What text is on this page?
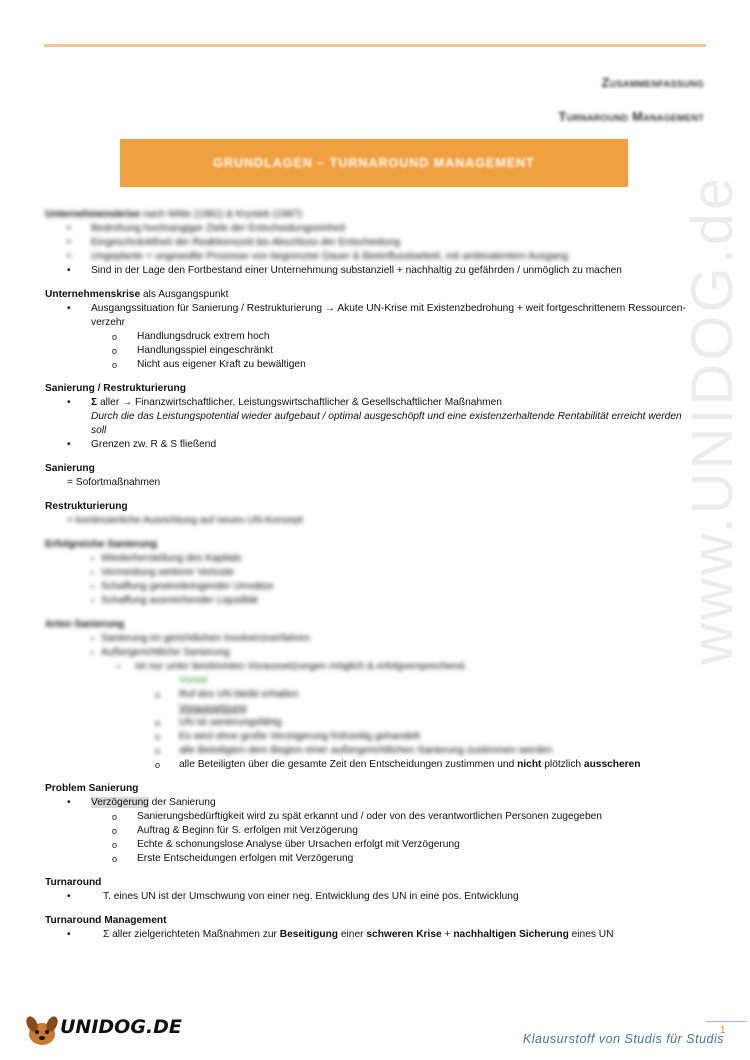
Zusammenfassung
Turnaround Management
GRUNDLAGEN – TURNAROUND MANAGEMENT
www.UNIDOG.de
Unternehmenskrise nach Witte (1981) & Krystek (1987)
• Bedrohung hochrangiger Ziele der Entscheidungseinheit
• Eingeschränktheit der Reaktionszeit bis Abschluss der Entscheidung
• Ungeplante + ungewollte Prozesse von begrenzter Dauer & Beeinflussbarkeit, mit ambivalentem Ausgang
• Sind in der Lage den Fortbestand einer Unternehmung substanziell + nachhaltig zu gefährden / unmöglich zu machen
Unternehmenskrise als Ausgangspunkt
• Ausgangssituation für Sanierung / Restrukturierung → Akute UN-Krise mit Existenzbedrohung + weit fortgeschrittenem Ressourcen-
verzehr
o Handlungsdruck extrem hoch
o Handlungsspiel eingeschränkt
o Nicht aus eigener Kraft zu bewältigen
Sanierung / Restrukturierung
• Σ aller → Finanzwirtschaftlicher, Leistungswirtschaftlicher & Gesellschaftlicher Maßnahmen
Durch die das Leistungspotential wieder aufgebaut / optimal ausgeschöpft und eine existenzerhaltende Rentabilität erreicht werden
soll
• Grenzen zw. R & S fließend
Sanierung
= Sofortmaßnahmen
Restrukturierung
= kontinuierliche Ausrichtung auf neues UN-Konzept
Erfolgreiche Sanierung
▪ Wiederherstellung des Kapitals
▪ Vermeidung weiterer Verluste
▪ Schaffung gewinnbringender Umsätze
▪ Schaffung ausreichender Liquidität
Arten Sanierung
▪ Sanierung im gerichtlichen Insolvenzverfahren
▪ Außergerichtliche Sanierung
▪ Ist nur unter bestimmten Voraussetzungen möglich & erfolgversprechend.
Vorteil
o Ruf des UN bleibt erhalten
Voraussetzung
o UN ist sanierungsfähig
o Es wird ohne große Verzögerung frühzeitig gehandelt
o alle Beteiligten dem Beginn einer außergerichtlichen Sanierung zustimmen werden
o alle Beteiligten über die gesamte Zeit den Entscheidungen zustimmen und nicht plötzlich ausscheren
Problem Sanierung
• Verzögerung der Sanierung
o Sanierungsbedürftigkeit wird zu spät erkannt und / oder von des verantwortlichen Personen zugegeben
o Auftrag & Beginn für S. erfolgen mit Verzögerung
o Echte & schonungslose Analyse über Ursachen erfolgt mit Verzögerung
o Erste Entscheidungen erfolgen mit Verzögerung
Turnaround
• T. eines UN ist der Umschwung von einer neg. Entwicklung des UN in eine pos. Entwicklung
Turnaround Management
• Σ aller zielgerichteten Maßnahmen zur Beseitigung einer schweren Krise + nachhaltigen Sicherung eines UN
UNIDOG.DE	1
Klausurstoff von Studis für Studis
